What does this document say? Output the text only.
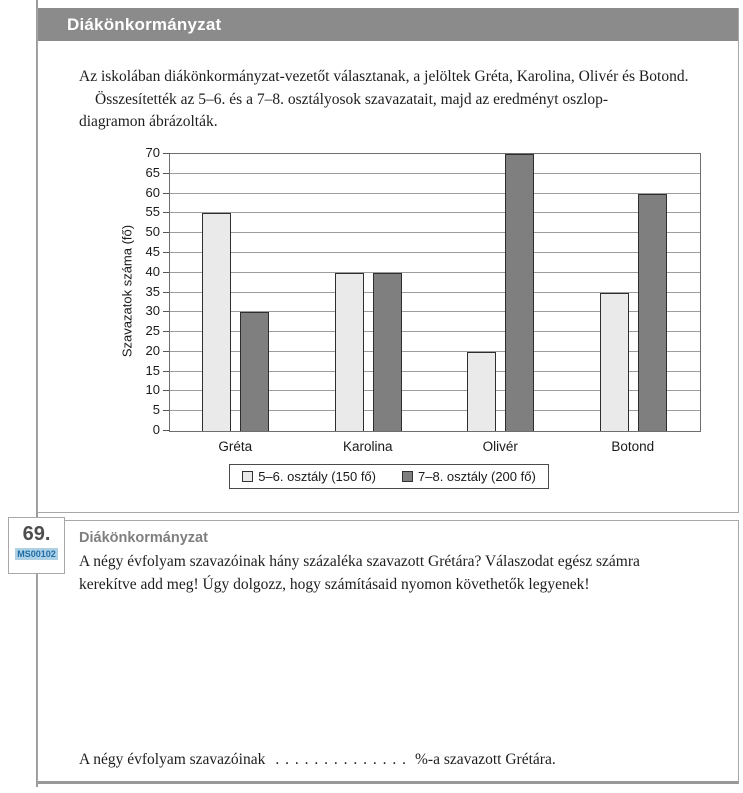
Diákönkormányzat
Az iskolában diákönkormányzat-vezetőt választanak, a jelöltek Gréta, Karolina, Olivér és Botond.
Összesítették az 5–6. és a 7–8. osztályosok szavazatait, majd az eredményt oszlop-
diagramon ábrázolták.
Szavazatok száma (fő)
5–6. osztály (150 fő)	7–8. osztály (200 fő)
0
5
10
15
20
25
30
35
40
45
50
55
60
65
70
Gréta	Karolina	Olivér	Botond
69.
MS00102
Diákönkormányzat
A négy évfolyam szavazóinak hány százaléka szavazott Grétára? Válaszodat egész számra
kerekítve add meg! Úgy dolgozz, hogy számításaid nyomon követhetők legyenek!
A négy évfolyam szavazóinak . . . . . . . . . . . . . . %-a szavazott Grétára.
